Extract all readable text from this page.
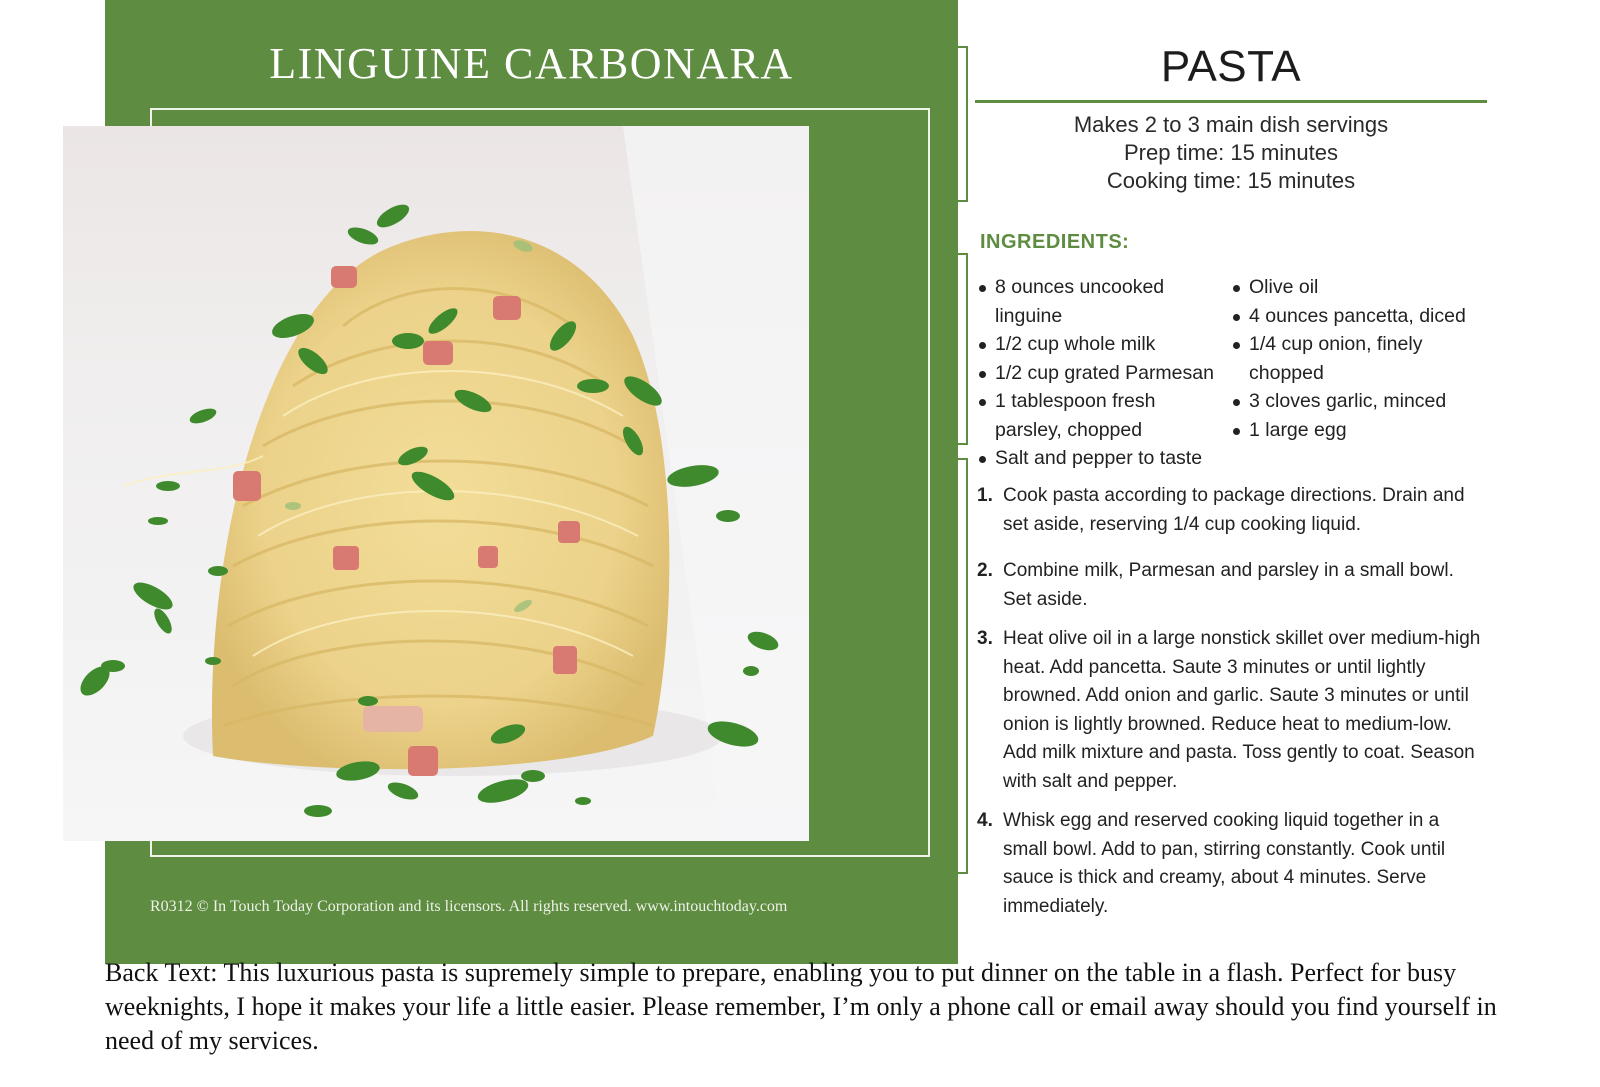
LINGUINE CARBONARA
R0312 © In Touch Today Corporation and its licensors. All rights reserved. www.intouchtoday.com
PASTA
Makes 2 to 3 main dish servings
Prep time: 15 minutes
Cooking time: 15 minutes
INGREDIENTS:
8 ounces uncooked linguine
1/2 cup whole milk
1/2 cup grated Parmesan
1 tablespoon fresh parsley, chopped
Salt and pepper to taste
Olive oil
4 ounces pancetta, diced
1/4 cup onion, finely chopped
3 cloves garlic, minced
1 large egg
1. Cook pasta according to package directions. Drain and set aside, reserving 1/4 cup cooking liquid.
2. Combine milk, Parmesan and parsley in a small bowl. Set aside.
3. Heat olive oil in a large nonstick skillet over medium-high heat. Add pancetta. Saute 3 minutes or until lightly browned. Add onion and garlic. Saute 3 minutes or until onion is lightly browned. Reduce heat to medium-low. Add milk mixture and pasta. Toss gently to coat. Season with salt and pepper.
4. Whisk egg and reserved cooking liquid together in a small bowl. Add to pan, stirring constantly. Cook until sauce is thick and creamy, about 4 minutes. Serve immediately.
Back Text: This luxurious pasta is supremely simple to prepare, enabling you to put dinner on the table in a flash. Perfect for busy weeknights, I hope it makes your life a little easier. Please remember, I’m only a phone call or email away should you find yourself in need of my services.
